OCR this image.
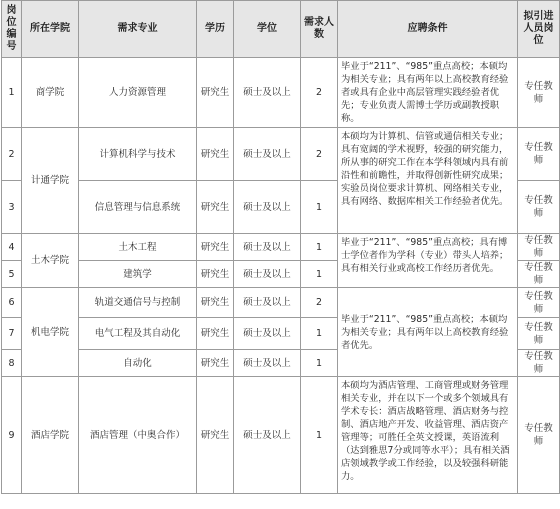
岗位编号	所在学院	需求专业	学历	学位	需求人数	应聘条件	拟引进人员岗位
1	商学院	人力资源管理	研究生	硕士及以上	2	毕业于“211”、“985”重点高校；本硕均为相关专业；具有两年以上高校教育经验者或具有企业中高层管理实践经验者优先；专业负责人需博士学历或副教授职称。	专任教师
2	计通学院	计算机科学与技术	研究生	硕士及以上	2	本硕均为计算机、信管或通信相关专业；具有宽阔的学术视野，较强的研究能力，所从事的研究工作在本学科领域内具有前沿性和前瞻性，并取得创新性研究成果；实验员岗位要求计算机、网络相关专业，具有网络、数据库相关工作经验者优先。	专任教师
3		信息管理与信息系统	研究生	硕士及以上	1		专任教师
4	土木学院	土木工程	研究生	硕士及以上	1	毕业于“211”、“985”重点高校；具有博士学位者作为学科（专业）带头人培养；具有相关行业或高校工作经历者优先。	专任教师
5		建筑学	研究生	硕士及以上	1		专任教师
6	机电学院	轨道交通信号与控制	研究生	硕士及以上	2	毕业于“211”、“985”重点高校；本硕均为相关专业；具有两年以上高校教育经验者优先。	专任教师
7		电气工程及其自动化	研究生	硕士及以上	1		专任教师
8		自动化	研究生	硕士及以上	1		专任教师
9	酒店学院	酒店管理（中奥合作）	研究生	硕士及以上	1	本硕均为酒店管理、工商管理或财务管理相关专业，并在以下一个或多个领域具有学术专长：酒店战略管理、酒店财务与控制、酒店地产开发、收益管理、酒店资产管理等；可胜任全英文授课，英语流利（达到雅思7分或同等水平）；具有相关酒店领域教学或工作经验，以及较强科研能力。	专任教师
